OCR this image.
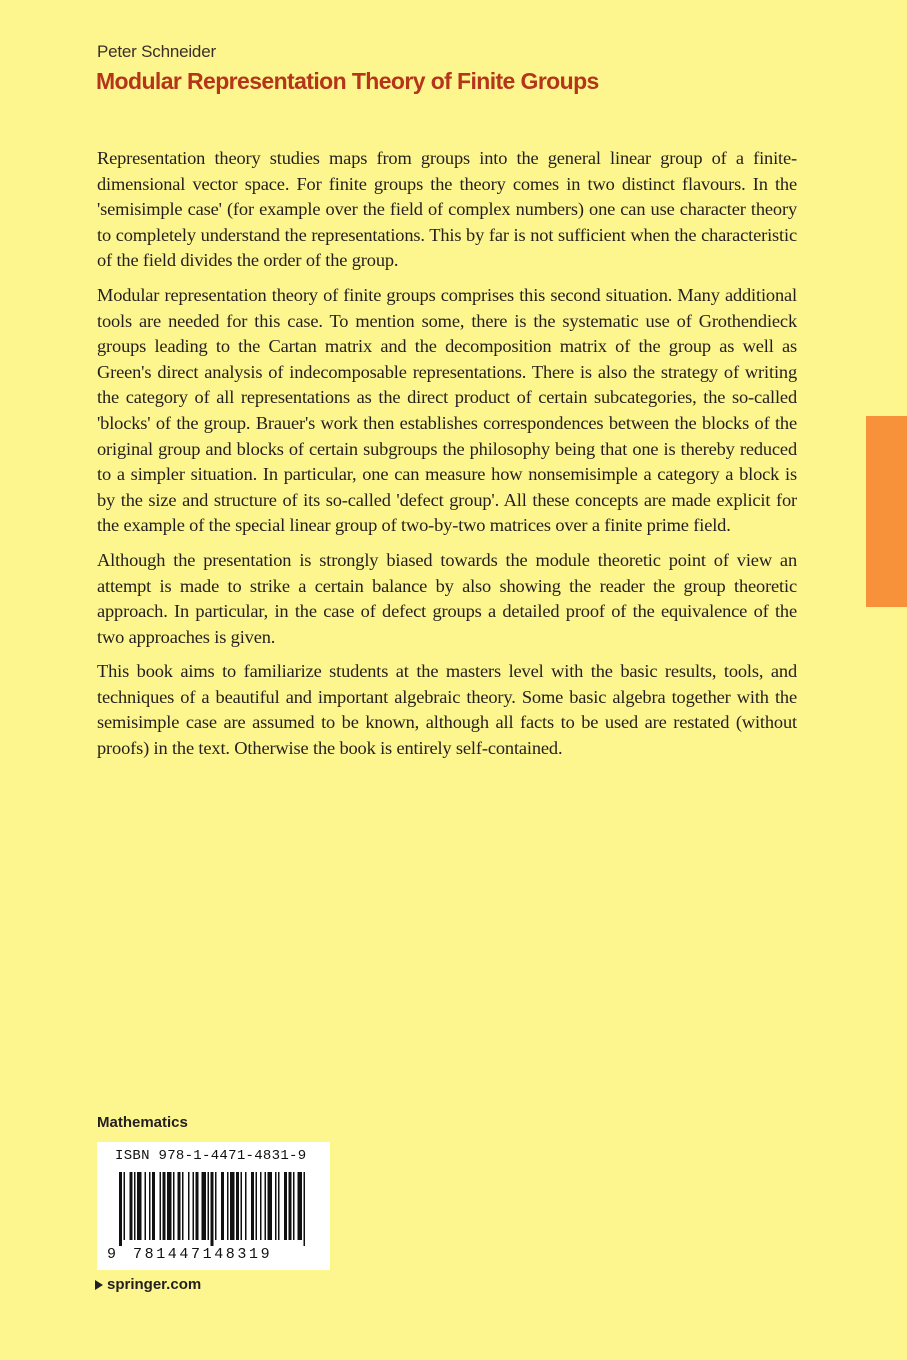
Peter Schneider
Modular Representation Theory of Finite Groups

Representation theory studies maps from groups into the general linear group of a finite-dimensional vector space. For finite groups the theory comes in two distinct flavours. In the 'semisimple case' (for example over the field of complex numbers) one can use character theory to completely understand the representations. This by far is not sufficient when the characteristic of the field divides the order of the group.

Modular representation theory of finite groups comprises this second situation. Many additional tools are needed for this case. To mention some, there is the systematic use of Grothendieck groups leading to the Cartan matrix and the decomposition matrix of the group as well as Green's direct analysis of indecomposable representations. There is also the strategy of writing the category of all representations as the direct product of certain subcategories, the so-called 'blocks' of the group. Brauer's work then establishes correspondences between the blocks of the original group and blocks of certain subgroups the philosophy being that one is thereby reduced to a simpler situation. In particular, one can measure how nonsemisimple a category a block is by the size and structure of its so-called 'defect group'. All these concepts are made explicit for the example of the special linear group of two-by-two matrices over a finite prime field.

Although the presentation is strongly biased towards the module theoretic point of view an attempt is made to strike a certain balance by also showing the reader the group theoretic approach. In particular, in the case of defect groups a detailed proof of the equivalence of the two approaches is given.

This book aims to familiarize students at the masters level with the basic results, tools, and techniques of a beautiful and important algebraic theory. Some basic algebra together with the semisimple case are assumed to be known, although all facts to be used are restated (without proofs) in the text. Otherwise the book is entirely self-contained.

Mathematics
ISBN 978-1-4471-4831-9
9 781447148319
springer.com
